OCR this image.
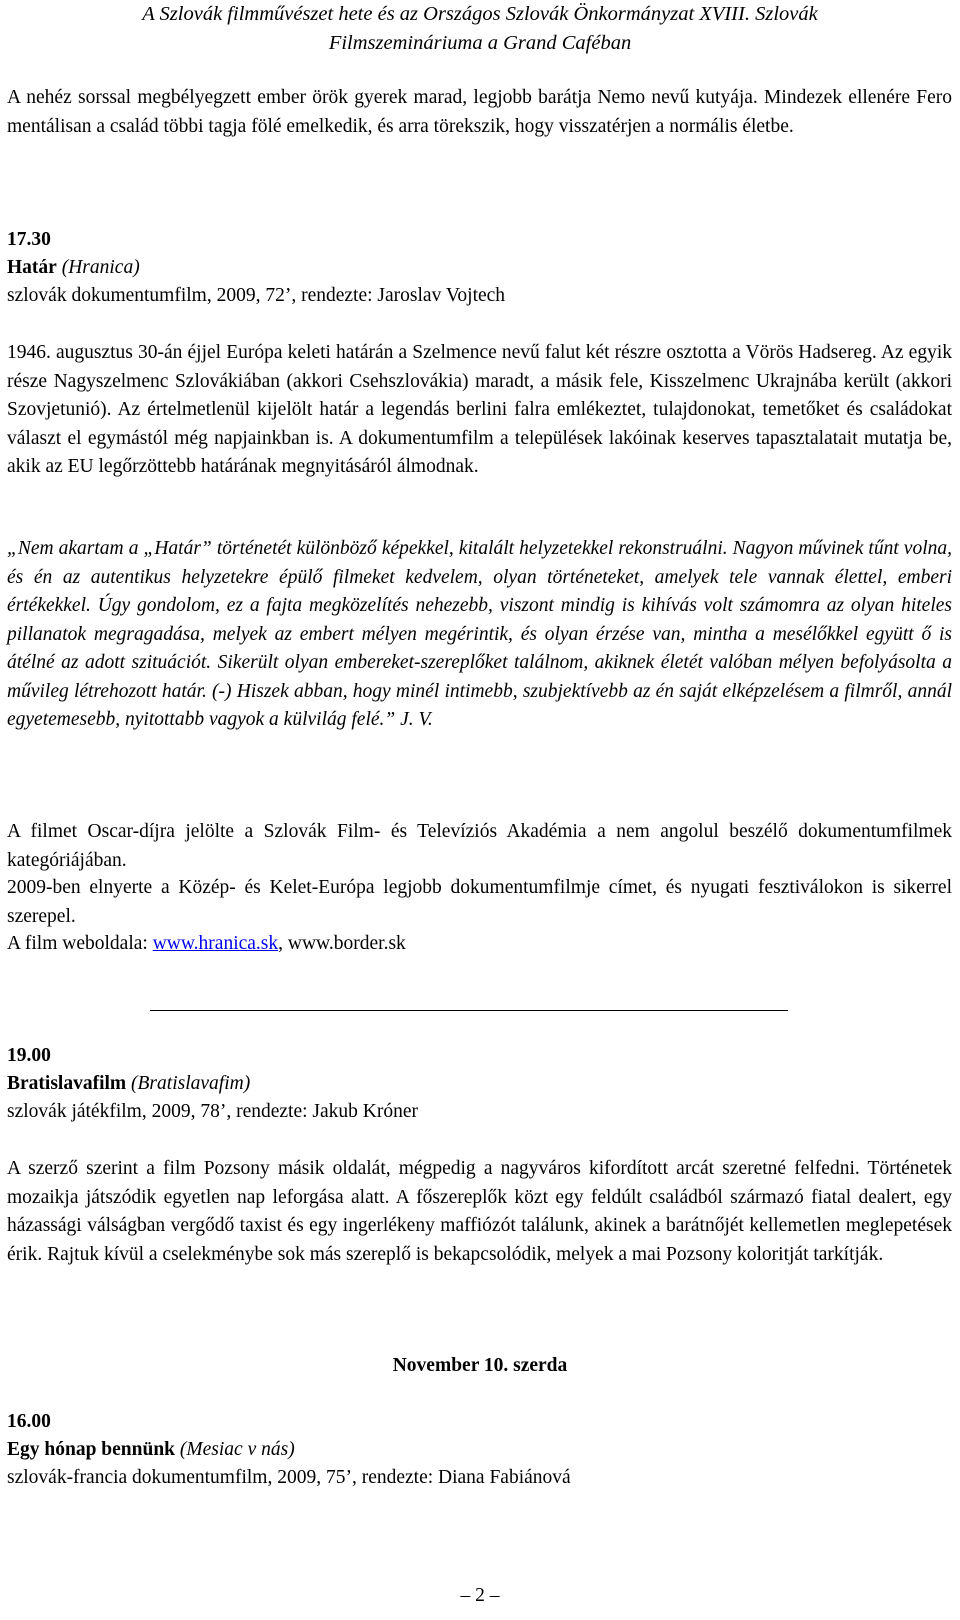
A Szlovák filmművészet hete és az Országos Szlovák Önkormányzat XVIII. Szlovák
Filmszemináriuma a Grand Caféban

A nehéz sorssal megbélyegzett ember örök gyerek marad, legjobb barátja Nemo nevű kutyája. Mindezek ellenére Fero mentálisan a család többi tagja fölé emelkedik, és arra törekszik, hogy visszatérjen a normális életbe.

17.30
Határ (Hranica)
szlovák dokumentumfilm, 2009, 72’, rendezte: Jaroslav Vojtech

1946. augusztus 30-án éjjel Európa keleti határán a Szelmence nevű falut két részre osztotta a Vörös Hadsereg. Az egyik része Nagyszelmenc Szlovákiában (akkori Csehszlovákia) maradt, a másik fele, Kisszelmenc Ukrajnába került (akkori Szovjetunió). Az értelmetlenül kijelölt határ a legendás berlini falra emlékeztet, tulajdonokat, temetőket és családokat választ el egymástól még napjainkban is. A dokumentumfilm a települések lakóinak keserves tapasztalatait mutatja be, akik az EU legőrzöttebb határának megnyitásáról álmodnak.

„Nem akartam a „Határ” történetét különböző képekkel, kitalált helyzetekkel rekonstruálni. Nagyon művinek tűnt volna, és én az autentikus helyzetekre épülő filmeket kedvelem, olyan történeteket, amelyek tele vannak élettel, emberi értékekkel. Úgy gondolom, ez a fajta megközelítés nehezebb, viszont mindig is kihívás volt számomra az olyan hiteles pillanatok megragadása, melyek az embert mélyen megérintik, és olyan érzése van, mintha a mesélőkkel együtt ő is átélné az adott szituációt. Sikerült olyan embereket-szereplőket találnom, akiknek életét valóban mélyen befolyásolta a művileg létrehozott határ. (-) Hiszek abban, hogy minél intimebb, szubjektívebb az én saját elképzelésem a filmről, annál egyetemesebb, nyitottabb vagyok a külvilág felé.” J. V.

A filmet Oscar-díjra jelölte a Szlovák Film- és Televíziós Akadémia a nem angolul beszélő dokumentumfilmek kategóriájában.

2009-ben elnyerte a Közép- és Kelet-Európa legjobb dokumentumfilmje címet, és nyugati fesztiválokon is sikerrel szerepel.

A film weboldala: www.hranica.sk, www.border.sk
19.00
Bratislavafilm (Bratislavafim)
szlovák játékfilm, 2009, 78’, rendezte: Jakub Króner

A szerző szerint a film Pozsony másik oldalát, mégpedig a nagyváros kifordított arcát szeretné felfedni. Történetek mozaikja játszódik egyetlen nap leforgása alatt. A főszereplők közt egy feldúlt családból származó fiatal dealert, egy házassági válságban vergődő taxist és egy ingerlékeny maffiózót találunk, akinek a barátnőjét kellemetlen meglepetések érik. Rajtuk kívül a cselekménybe sok más szereplő is bekapcsolódik, melyek a mai Pozsony koloritját tarkítják.

November 10. szerda

16.00
Egy hónap bennünk (Mesiac v nás)
szlovák-francia dokumentumfilm, 2009, 75’, rendezte: Diana Fabiánová

– 2 –
